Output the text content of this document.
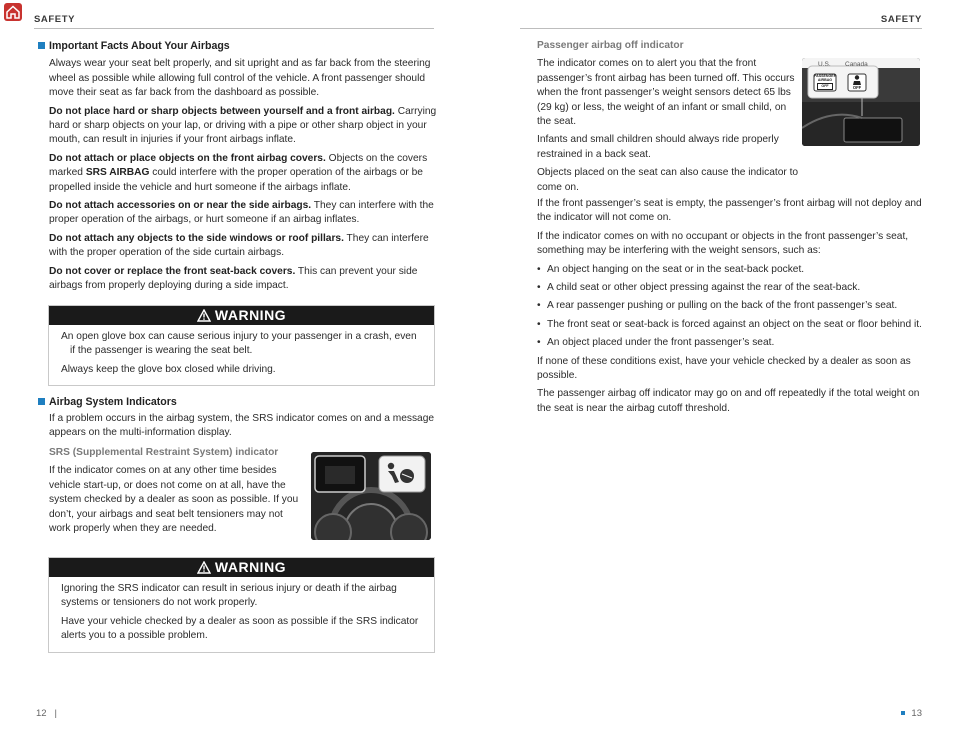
SAFETY
Important Facts About Your Airbags

Always wear your seat belt properly, and sit upright and as far back from the steering wheel as possible while allowing full control of the vehicle. A front passenger should move their seat as far back from the dashboard as possible.

Do not place hard or sharp objects between yourself and a front airbag. Carrying hard or sharp objects on your lap, or driving with a pipe or other sharp object in your mouth, can result in injuries if your front airbags inflate.

Do not attach or place objects on the front airbag covers. Objects on the covers marked SRS AIRBAG could interfere with the proper operation of the airbags or be propelled inside the vehicle and hurt someone if the airbags inflate.

Do not attach accessories on or near the side airbags. They can interfere with the proper operation of the airbags, or hurt someone if an airbag inflates.

Do not attach any objects to the side windows or roof pillars. They can interfere with the proper operation of the side curtain airbags.

Do not cover or replace the front seat-back covers. This can prevent your side airbags from properly deploying during a side impact.

WARNING

An open glove box can cause serious injury to your passenger in a crash, even if the passenger is wearing the seat belt.

Always keep the glove box closed while driving.

Airbag System Indicators
If a problem occurs in the airbag system, the SRS indicator comes on and a message appears on the multi-information display.
SRS (Supplemental Restraint System) indicator

If the indicator comes on at any other time besides vehicle start-up, or does not come on at all, have the system checked by a dealer as soon as possible. If you don’t, your airbags and seat belt tensioners may not work properly when they are needed.

WARNING

Ignoring the SRS indicator can result in serious injury or death if the airbag systems or tensioners do not work properly.

Have your vehicle checked by a dealer as soon as possible if the SRS indicator alerts you to a possible problem.

12   |
SAFETY
U.S. Canada
PASSENGER
AIRBAG
OFF	OFF
Passenger airbag off indicator

The indicator comes on to alert you that the front passenger’s front airbag has been turned off. This occurs when the front passenger’s weight sensors detect 65 lbs (29 kg) or less, the weight of an infant or small child, on the seat.

Infants and small children should always ride properly restrained in a back seat.

Objects placed on the seat can also cause the indicator to come on.

If the front passenger’s seat is empty, the passenger’s front airbag will not deploy and the indicator will not come on.

If the indicator comes on with no occupant or objects in the front passenger’s seat, something may be interfering with the weight sensors, such as:

• An object hanging on the seat or in the seat-back pocket.
• A child seat or other object pressing against the rear of the seat-back.
• A rear passenger pushing or pulling on the back of the front passenger’s seat.
• The front seat or seat-back is forced against an object on the seat or floor behind it.
• An object placed under the front passenger’s seat.

If none of these conditions exist, have your vehicle checked by a dealer as soon as possible.

The passenger airbag off indicator may go on and off repeatedly if the total weight on the seat is near the airbag cutoff threshold.

13
